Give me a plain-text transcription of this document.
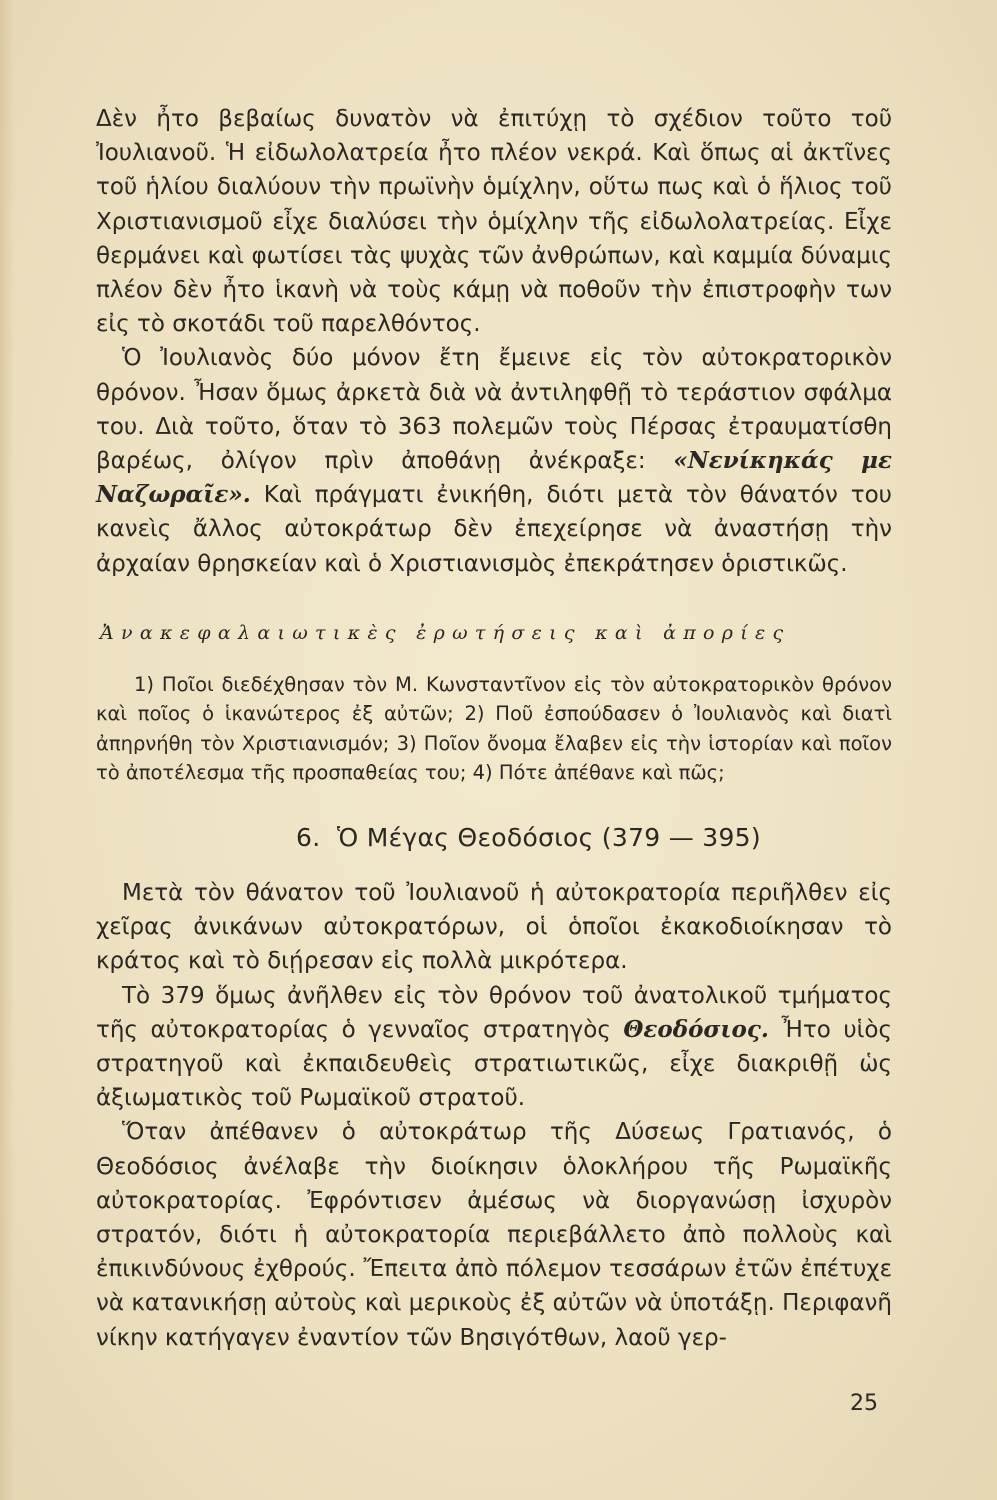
Δὲν ἦτο βεβαίως δυνατὸν νὰ ἐπιτύχῃ τὸ σχέδιον τοῦτο τοῦ Ἰουλιανοῦ. Ἡ εἰδωλολατρεία ἦτο πλέον νεκρά. Καὶ ὅπως αἱ ἀκτῖνες τοῦ ἡλίου διαλύουν τὴν πρωϊνὴν ὁμίχλην, οὕτω πως καὶ ὁ ἥλιος τοῦ Χριστιανισμοῦ εἶχε διαλύσει τὴν ὁμίχλην τῆς εἰδωλολατρείας. Εἶχε θερμάνει καὶ φωτίσει τὰς ψυχὰς τῶν ἀνθρώπων, καὶ καμμία δύναμις πλέον δὲν ἦτο ἱκανὴ νὰ τοὺς κάμῃ νὰ ποθοῦν τὴν ἐπιστροφὴν των εἰς τὸ σκοτάδι τοῦ παρελθόντος.

Ὁ Ἰουλιανὸς δύο μόνον ἔτη ἔμεινε εἰς τὸν αὐτοκρατορικὸν θρόνον. Ἦσαν ὅμως ἀρκετὰ διὰ νὰ ἀντιληφθῇ τὸ τεράστιον σφάλμα του. Διὰ τοῦτο, ὅταν τὸ 363 πολεμῶν τοὺς Πέρσας ἐτραυματίσθη βαρέως, ὀλίγον πρὶν ἀποθάνῃ ἀνέκραξε: «Νενίκηκάς με Ναζωραῖε». Καὶ πράγματι ἐνικήθη, διότι μετὰ τὸν θάνατόν του κανεὶς ἄλλος αὐτοκράτωρ δὲν ἐπεχείρησε νὰ ἀναστήσῃ τὴν ἀρχαίαν θρησκείαν καὶ ὁ Χριστιανισμὸς ἐπεκράτησεν ὁριστικῶς.

Ἀνακεφαλαιωτικὲς ἐρωτήσεις καὶ ἀπορίες

1) Ποῖοι διεδέχθησαν τὸν Μ. Κωνσταντῖνον εἰς τὸν αὐτοκρατορικὸν θρόνον καὶ ποῖος ὁ ἱκανώτερος ἐξ αὐτῶν; 2) Ποῦ ἐσπούδασεν ὁ Ἰουλιανὸς καὶ διατὶ ἀπηρνήθη τὸν Χριστιανισμόν; 3) Ποῖον ὄνομα ἔλαβεν εἰς τὴν ἱστορίαν καὶ ποῖον τὸ ἀποτέλεσμα τῆς προσπαθείας του; 4) Πότε ἀπέθανε καὶ πῶς;

6. Ὁ Μέγας Θεοδόσιος (379 — 395)

Μετὰ τὸν θάνατον τοῦ Ἰουλιανοῦ ἡ αὐτοκρατορία περιῆλθεν εἰς χεῖρας ἀνικάνων αὐτοκρατόρων, οἱ ὁποῖοι ἐκακοδιοίκησαν τὸ κράτος καὶ τὸ διῄρεσαν εἰς πολλὰ μικρότερα.

Τὸ 379 ὅμως ἀνῆλθεν εἰς τὸν θρόνον τοῦ ἀνατολικοῦ τμήματος τῆς αὐτοκρατορίας ὁ γενναῖος στρατηγὸς Θεοδόσιος. Ἦτο υἱὸς στρατηγοῦ καὶ ἐκπαιδευθεὶς στρατιωτικῶς, εἶχε διακριθῇ ὡς ἀξιωματικὸς τοῦ Ρωμαϊκοῦ στρατοῦ.

Ὅταν ἀπέθανεν ὁ αὐτοκράτωρ τῆς Δύσεως Γρατιανός, ὁ Θεοδόσιος ἀνέλαβε τὴν διοίκησιν ὁλοκλήρου τῆς Ρωμαϊκῆς αὐτοκρατορίας. Ἐφρόντισεν ἀμέσως νὰ διοργανώσῃ ἰσχυρὸν στρατόν, διότι ἡ αὐτοκρατορία περιεβάλλετο ἀπὸ πολλοὺς καὶ ἐπικινδύνους ἐχθρούς. Ἔπειτα ἀπὸ πόλεμον τεσσάρων ἐτῶν ἐπέτυχε νὰ κατανικήσῃ αὐτοὺς καὶ μερικοὺς ἐξ αὐτῶν νὰ ὑποτάξῃ. Περιφανῆ νίκην κατήγαγεν ἐναντίον τῶν Βησιγότθων, λαοῦ γερ-

25
